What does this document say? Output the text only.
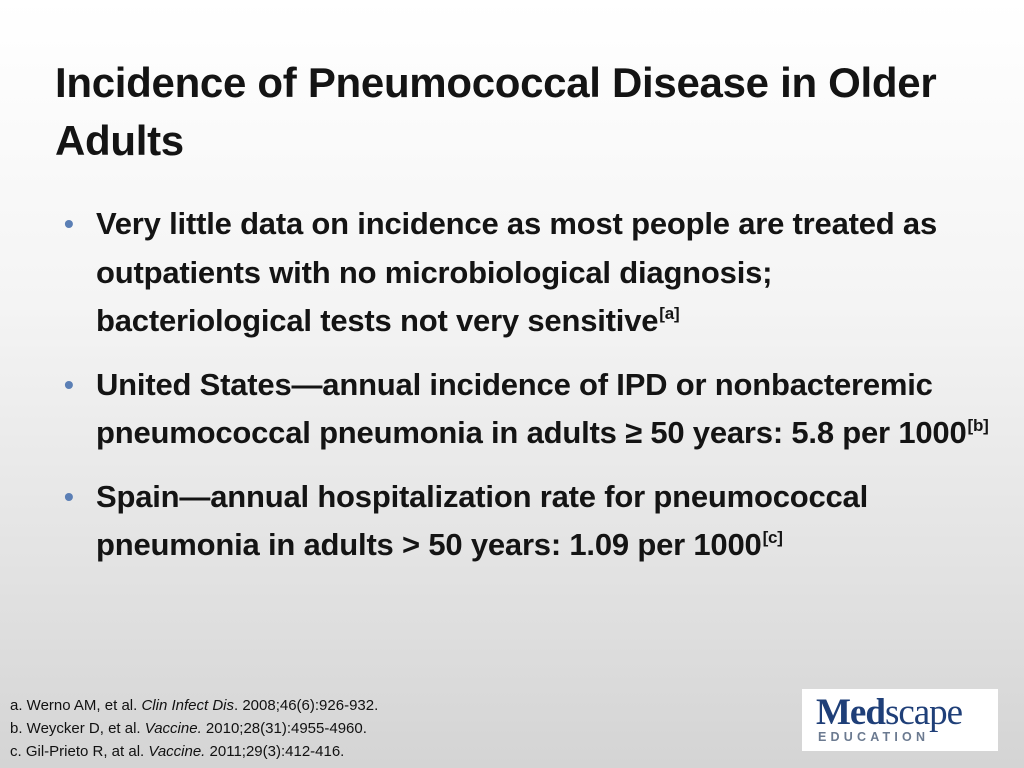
Incidence of Pneumococcal Disease in Older Adults
• Very little data on incidence as most people are treated as outpatients with no microbiological diagnosis; bacteriological tests not very sensitive[a]
• United States—annual incidence of IPD or nonbacteremic pneumococcal pneumonia in adults ≥ 50 years: 5.8 per 1000[b]
• Spain—annual hospitalization rate for pneumococcal pneumonia in adults > 50 years: 1.09 per 1000[c]
a. Werno AM, et al. Clin Infect Dis. 2008;46(6):926-932.
b. Weycker D, et al. Vaccine. 2010;28(31):4955-4960.
c. Gil-Prieto R, at al. Vaccine. 2011;29(3):412-416.
Medscape
EDUCATION
